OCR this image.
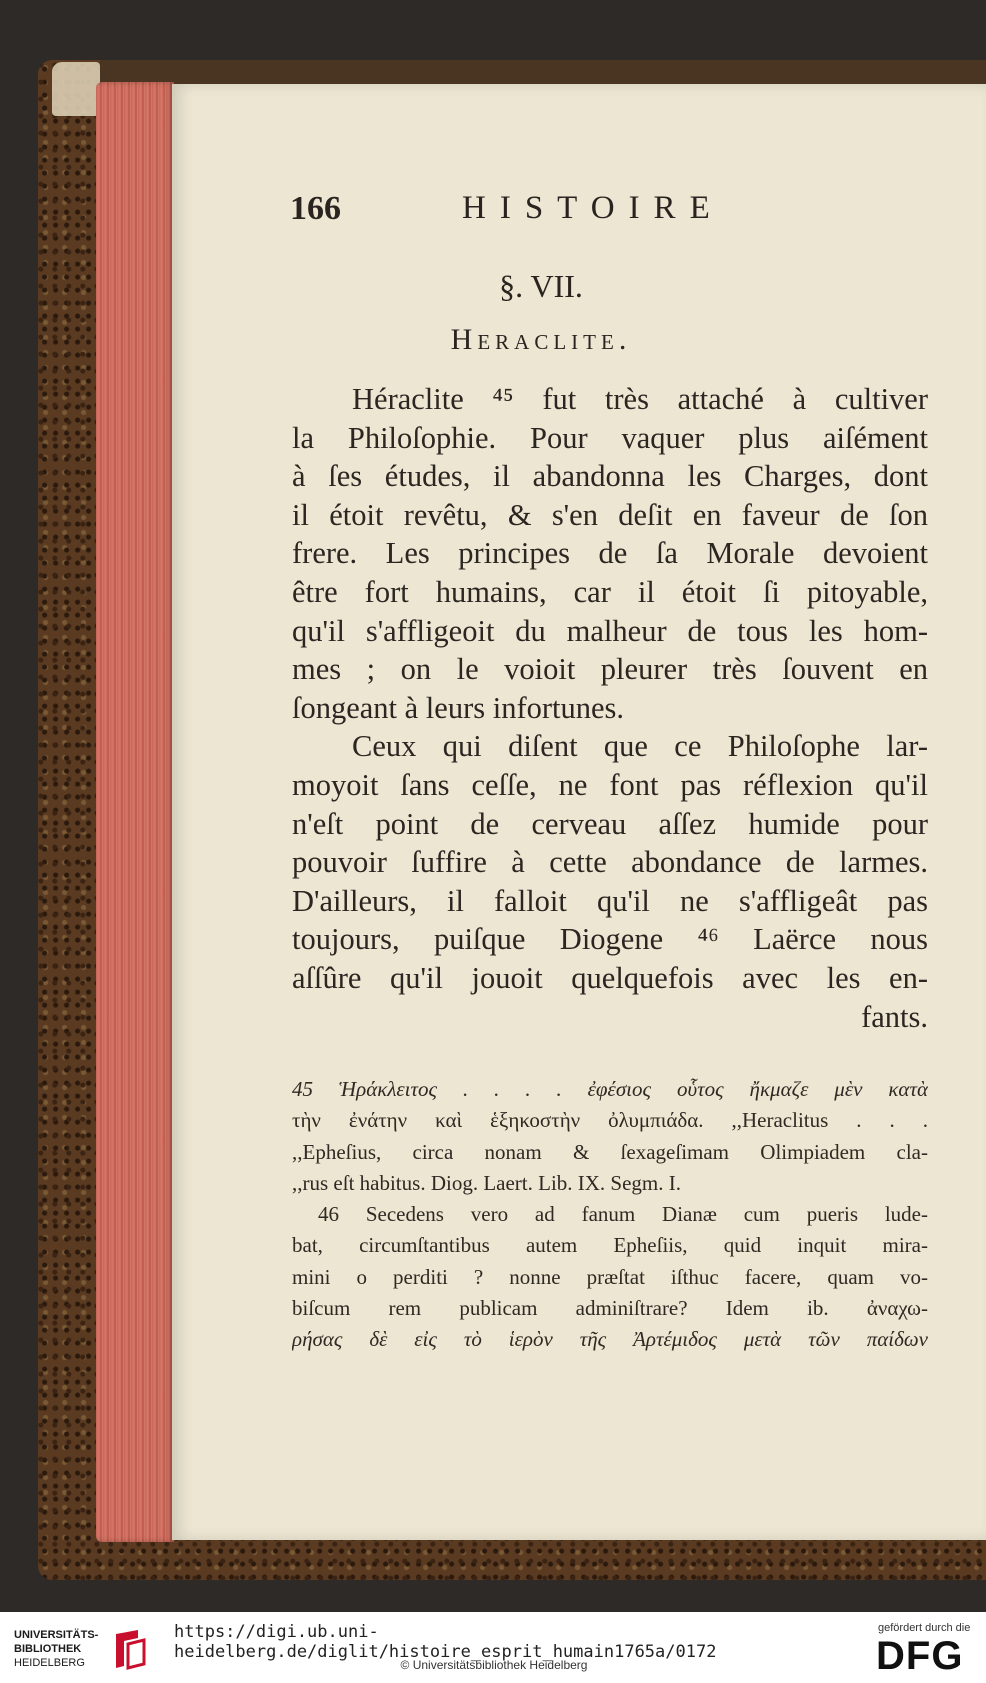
166	HISTOIRE
§. VII.
Heraclite.
Héraclite ⁴⁵ fut très attaché à cultiver
la Philoſophie. Pour vaquer plus aiſément
à ſes études, il abandonna les Charges, dont
il étoit revêtu, & s'en deſit en faveur de ſon
frere. Les principes de ſa Morale devoient
être fort humains, car il étoit ſi pitoyable,
qu'il s'affligeoit du malheur de tous les hom-
mes ; on le voioit pleurer très ſouvent en
ſongeant à leurs infortunes.
Ceux qui diſent que ce Philoſophe lar-
moyoit ſans ceſſe, ne font pas réflexion qu'il
n'eſt point de cerveau aſſez humide pour
pouvoir ſuffire à cette abondance de larmes.
D'ailleurs, il falloit qu'il ne s'affligeât pas
toujours, puiſque Diogene ⁴⁶ Laërce nous
aſſûre qu'il jouoit quelquefois avec les en-
fants.
45 Ἡράκλειτος . . . . ἐφέσιος οὗτος ἤκμαζε μὲν κατὰ
τὴν ἐνάτην καὶ ἑξηκοστὴν ὀλυμπιάδα. ,,Heraclitus . . .
,,Epheſius, circa nonam & ſexageſimam Olimpiadem cla-
,,rus eſt habitus. Diog. Laert. Lib. IX. Segm. I.
46 Secedens vero ad fanum Dianæ cum pueris lude-
bat, circumſtantibus autem Epheſiis, quid inquit mira-
mini o perditi ? nonne præſtat iſthuc facere, quam vo-
biſcum rem publicam adminiſtrare? Idem ib. ἀναχω-
ρήσας δὲ εἰς τὸ ἱερὸν τῆς Ἀρτέμιδος μετὰ τῶν παίδων
UNIVERSITÄTS-
BIBLIOTHEK
HEIDELBERG
https://digi.ub.uni-heidelberg.de/diglit/histoire_esprit_humain1765a/0172
© Universitätsbibliothek Heidelberg
gefördert durch die
DFG
